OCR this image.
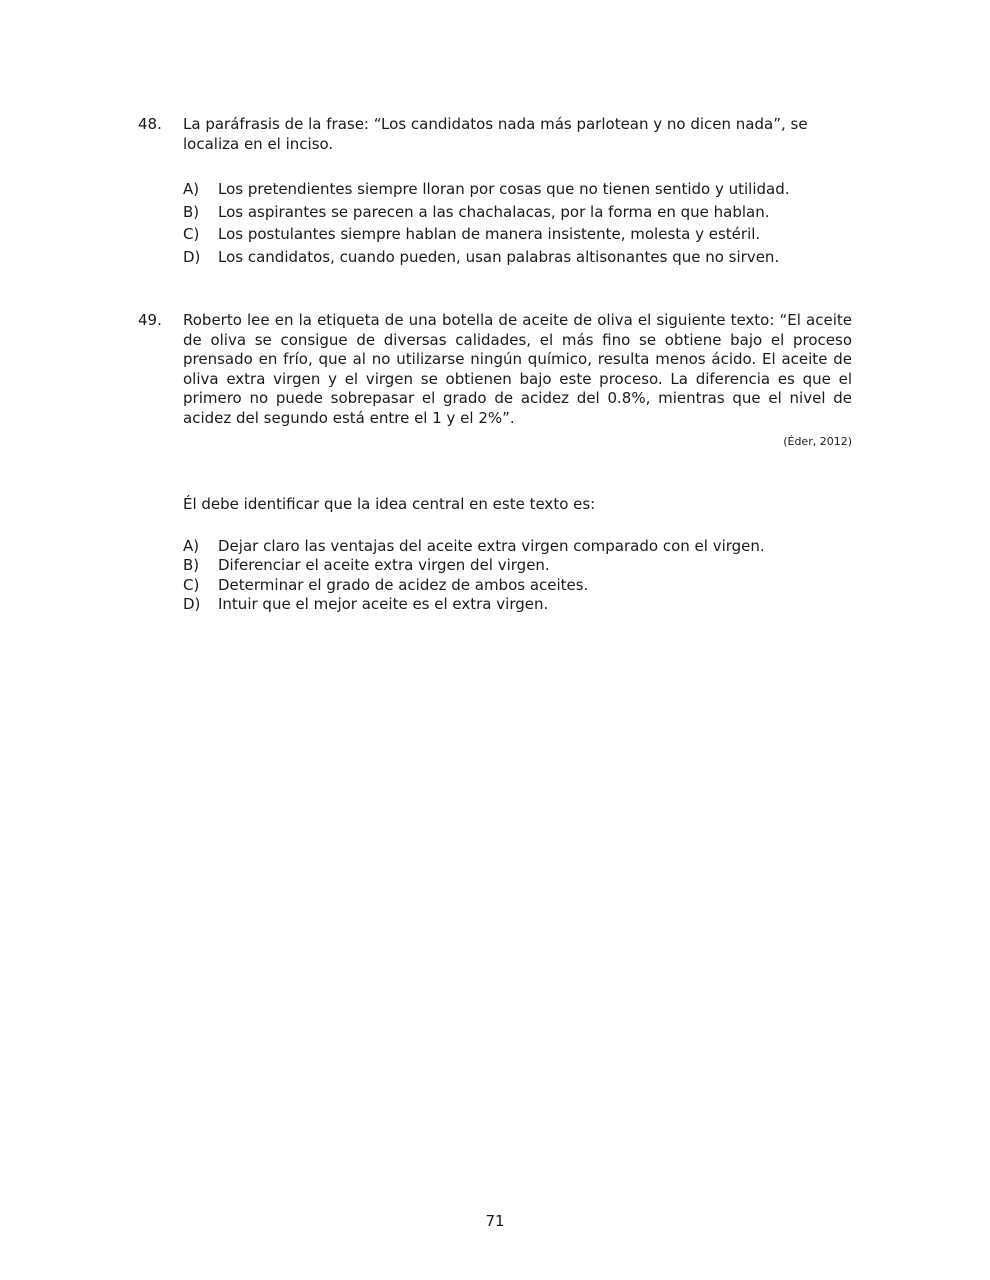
48.	La paráfrasis de la frase: “Los candidatos nada más parlotean y no dicen nada”, se localiza en el inciso.

A)	Los pretendientes siempre lloran por cosas que no tienen sentido y utilidad.
B)	Los aspirantes se parecen a las chachalacas, por la forma en que hablan.
C)	Los postulantes siempre hablan de manera insistente, molesta y estéril.
D)	Los candidatos, cuando pueden, usan palabras altisonantes que no sirven.
49.	Roberto lee en la etiqueta de una botella de aceite de oliva el siguiente texto: “El aceite de oliva se consigue de diversas calidades, el más fino se obtiene bajo el proceso prensado en frío, que al no utilizarse ningún químico, resulta menos ácido. El aceite de oliva extra virgen y el virgen se obtienen bajo este proceso. La diferencia es que el primero no puede sobrepasar el grado de acidez del 0.8%, mientras que el nivel de acidez del segundo está entre el 1 y el 2%”.

(Éder, 2012)

Él debe identificar que la idea central en este texto es:

A)	Dejar claro las ventajas del aceite extra virgen comparado con el virgen.
B)	Diferenciar el aceite extra virgen del virgen.
C)	Determinar el grado de acidez de ambos aceites.
D)	Intuir que el mejor aceite es el extra virgen.
71
